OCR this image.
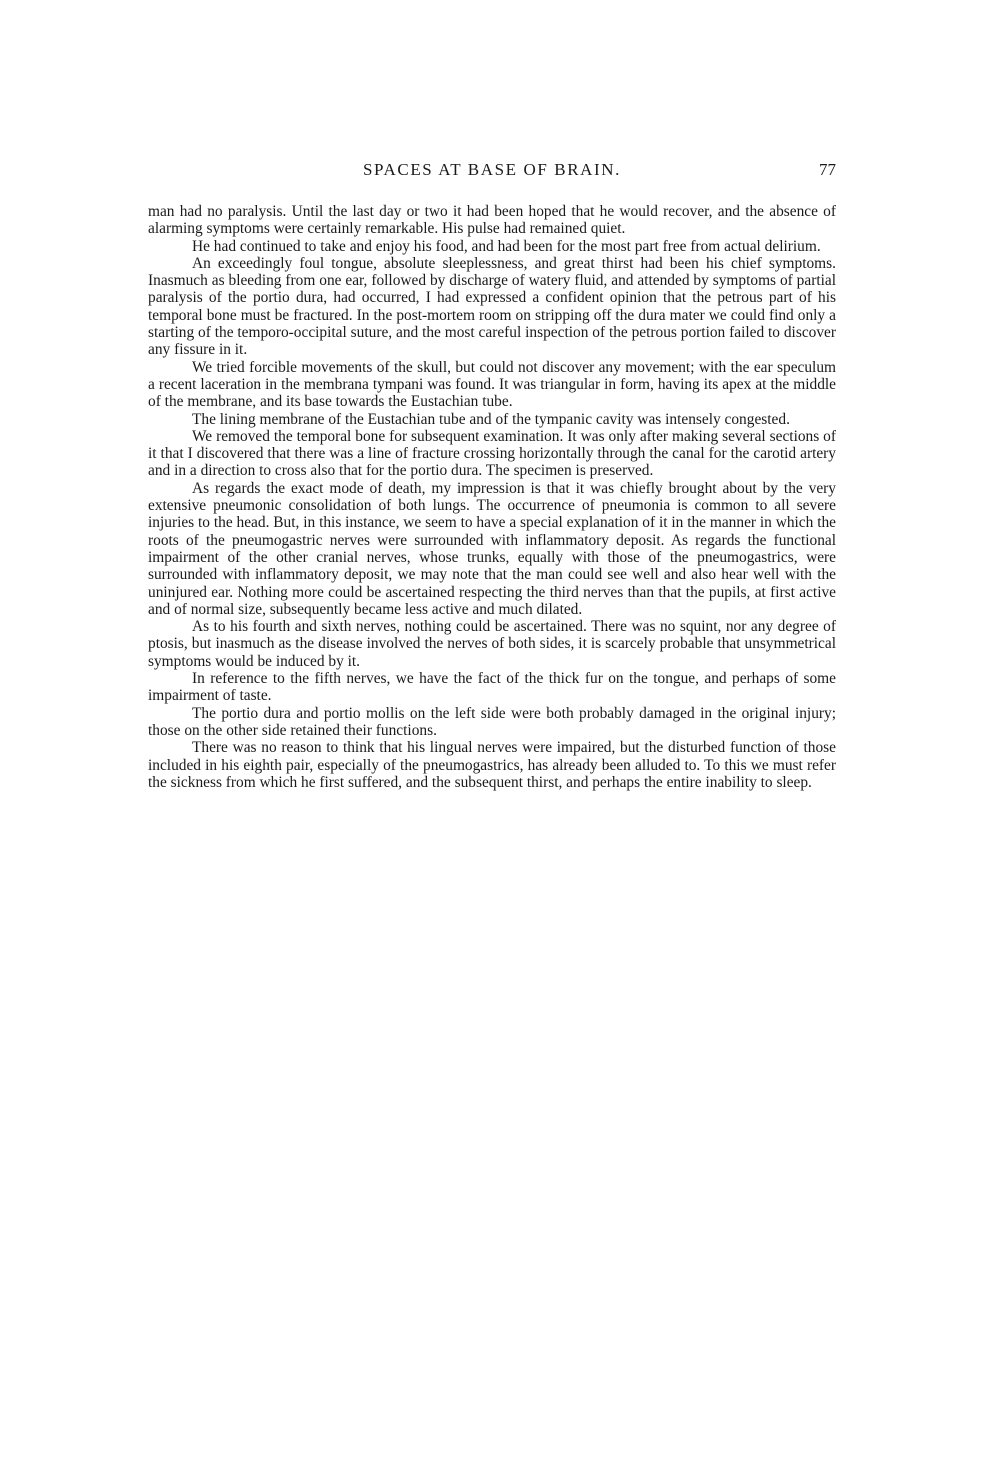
SPACES AT BASE OF BRAIN.	77

man had no paralysis. Until the last day or two it had been hoped that he would recover, and the absence of alarming symptoms were certainly remarkable. His pulse had remained quiet.

He had continued to take and enjoy his food, and had been for the most part free from actual delirium.

An exceedingly foul tongue, absolute sleeplessness, and great thirst had been his chief symptoms. Inasmuch as bleeding from one ear, followed by discharge of watery fluid, and attended by symptoms of partial paralysis of the portio dura, had occurred, I had expressed a confident opinion that the petrous part of his temporal bone must be fractured. In the post-mortem room on stripping off the dura mater we could find only a starting of the temporo-occipital suture, and the most careful inspection of the petrous portion failed to discover any fissure in it.

We tried forcible movements of the skull, but could not discover any movement; with the ear speculum a recent laceration in the membrana tympani was found. It was triangular in form, having its apex at the middle of the membrane, and its base towards the Eustachian tube.

The lining membrane of the Eustachian tube and of the tympanic cavity was intensely congested.

We removed the temporal bone for subsequent examination. It was only after making several sections of it that I discovered that there was a line of fracture crossing horizontally through the canal for the carotid artery and in a direction to cross also that for the portio dura. The specimen is preserved.

As regards the exact mode of death, my impression is that it was chiefly brought about by the very extensive pneumonic consolidation of both lungs. The occurrence of pneumonia is common to all severe injuries to the head. But, in this instance, we seem to have a special explanation of it in the manner in which the roots of the pneumogastric nerves were surrounded with inflammatory deposit. As regards the functional impairment of the other cranial nerves, whose trunks, equally with those of the pneumogastrics, were surrounded with inflammatory deposit, we may note that the man could see well and also hear well with the uninjured ear. Nothing more could be ascertained respecting the third nerves than that the pupils, at first active and of normal size, subsequently became less active and much dilated.

As to his fourth and sixth nerves, nothing could be ascertained. There was no squint, nor any degree of ptosis, but inasmuch as the disease involved the nerves of both sides, it is scarcely probable that unsymmetrical symptoms would be induced by it.

In reference to the fifth nerves, we have the fact of the thick fur on the tongue, and perhaps of some impairment of taste.

The portio dura and portio mollis on the left side were both probably damaged in the original injury; those on the other side retained their functions.

There was no reason to think that his lingual nerves were impaired, but the disturbed function of those included in his eighth pair, especially of the pneumogastrics, has already been alluded to. To this we must refer the sickness from which he first suffered, and the subsequent thirst, and perhaps the entire inability to sleep.
